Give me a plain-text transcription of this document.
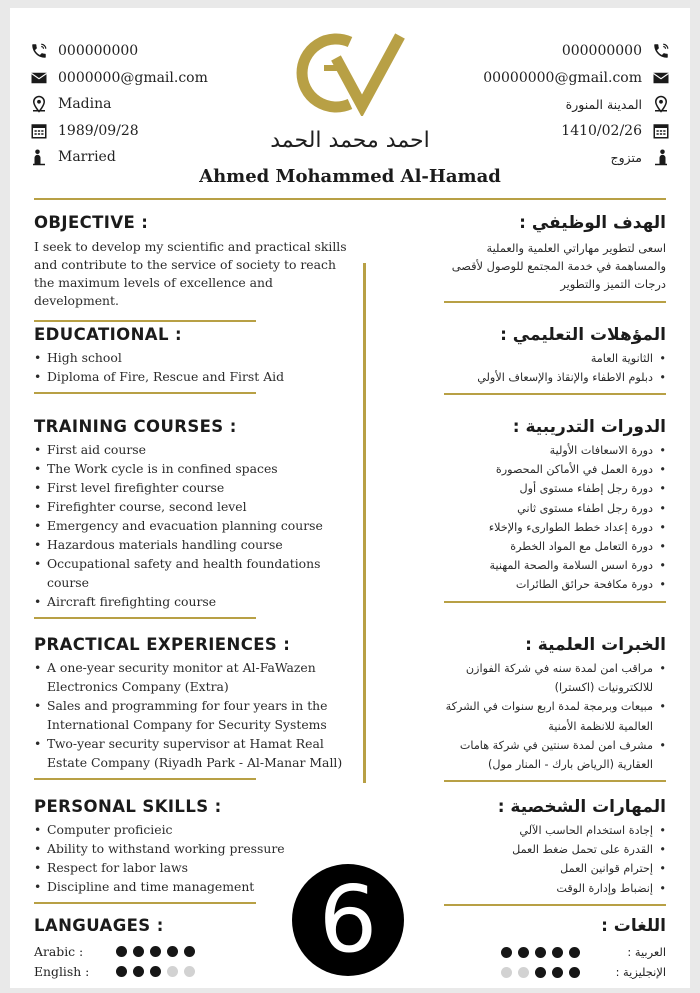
000000000
0000000@gmail.com
Madina
1989/09/28
Married
000000000
00000000@gmail.com
المدينة المنورة
1410/02/26
متزوج
احمد محمد الحمد
Ahmed Mohammed Al-Hamad
OBJECTIVE :
I seek to develop my scientific and practical skills and contribute to the service of society to reach the maximum levels of excellence and development.
EDUCATIONAL :
• High school
• Diploma of Fire, Rescue and First Aid
TRAINING COURSES :
• First aid course
• The Work cycle is in confined spaces
• First level firefighter course
• Firefighter course, second level
• Emergency and evacuation planning course
• Hazardous materials handling course
• Occupational safety and health foundations course
• Aircraft firefighting course
PRACTICAL EXPERIENCES :
• A one-year security monitor at Al-FaWazen Electronics Company (Extra)
• Sales and programming for four years in the International Company for Security Systems
• Two-year security supervisor at Hamat Real Estate Company (Riyadh Park - Al-Manar Mall)
PERSONAL SKILLS :
• Computer proficieic
• Ability to withstand working pressure
• Respect for labor laws
• Discipline and time management
LANGUAGES :
Arabic :
English :
الهدف الوظيفي :
اسعى لتطوير مهاراتي العلمية والعملية والمساهمة في خدمة المجتمع للوصول لأقصى درجات التميز والتطوير
المؤهلات التعليمي :
• الثانوية العامة
• دبلوم الاطفاء والإنقاذ والإسعاف الأولي
الدورات التدريبية :
• دورة الاسعافات الأولية
• دورة العمل في الأماكن المحصورة
• دورة رجل إطفاء مستوى أول
• دورة رجل اطفاء مستوى ثاني
• دورة إعداد خطط الطوارىء والإخلاء
• دورة التعامل مع المواد الخطرة
• دورة اسس السلامة والصحة المهنية
• دورة مكافحة حرائق الطائرات
الخبرات العلمية :
• مراقب امن لمدة سنه في شركة الفوازن للالكترونيات (اكسترا)
• مبيعات وبرمجة لمدة اربع سنوات في الشركة العالمية للانظمة الأمنية
• مشرف امن لمدة سنتين في شركة هامات العقارية (الرياض بارك - المنار مول)
المهارات الشخصية :
• إجادة استخدام الحاسب الآلي
• القدرة على تحمل ضغط العمل
• إحترام قوانين العمل
• إنضباط وإدارة الوقت
اللغات :
العربية :
الإنجليزية :
6
